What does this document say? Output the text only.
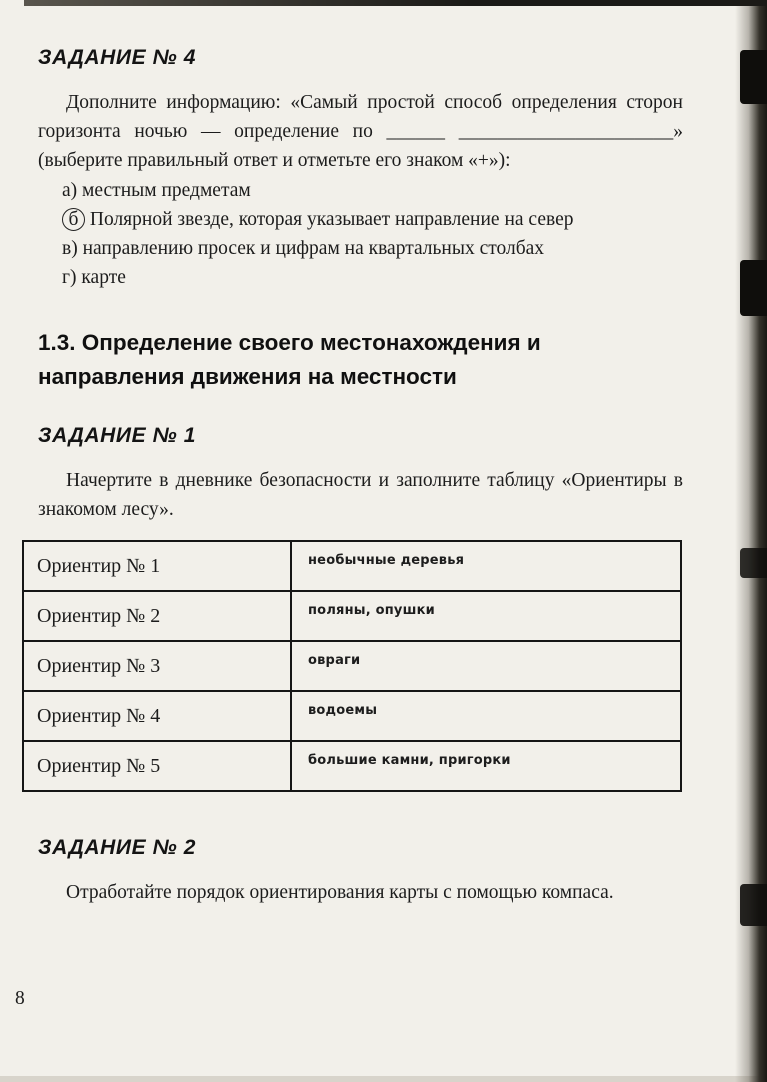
ЗАДАНИЕ № 4

Дополните информацию: «Самый простой способ определения сторон горизонта ночью — определение по ______ ______________________» (выберите правильный ответ и отметьте его знаком «+»):

а) местным предметам

б Полярной звезде, которая указывает направление на север

в) направлению просек и цифрам на квартальных столбах

г) карте

1.3. Определение своего местонахождения и направления движения на местности
ЗАДАНИЕ № 1

Начертите в дневнике безопасности и заполните таблицу «Ориентиры в знакомом лесу».

Ориентир № 1	необычные деревья
Ориентир № 2	поляны, опушки
Ориентир № 3	овраги
Ориентир № 4	водоемы
Ориентир № 5	большие камни, пригорки
ЗАДАНИЕ № 2

Отработайте порядок ориентирования карты с помощью компаса.

8
